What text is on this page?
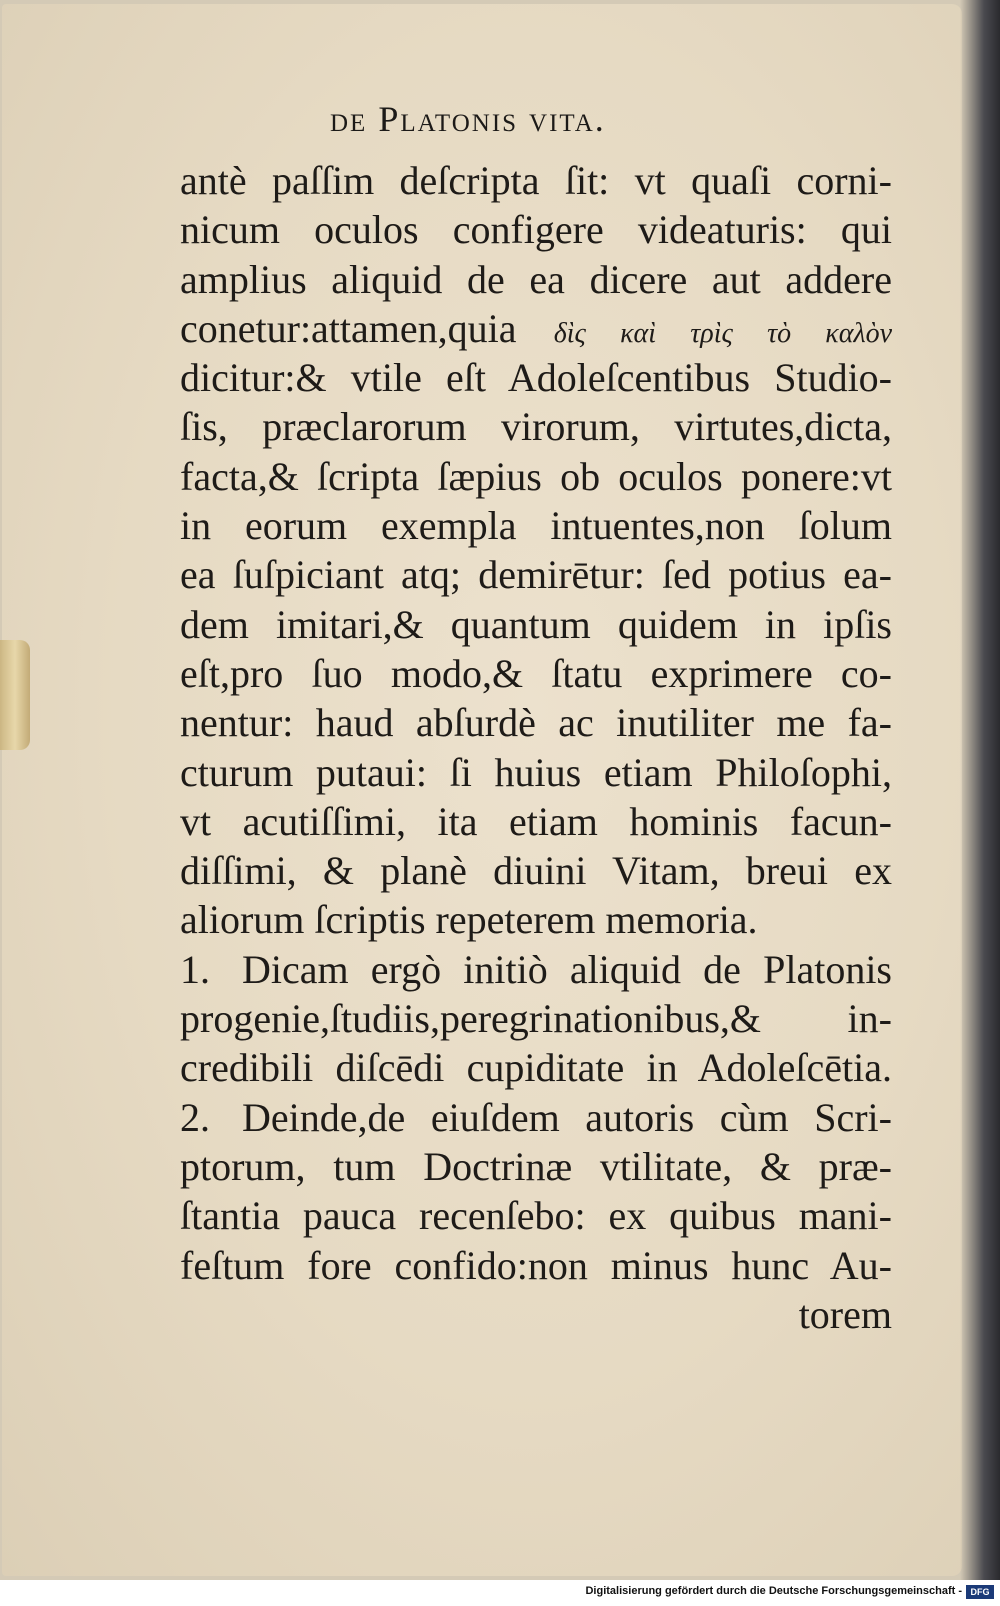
de Platonis vita.
antè paſſim deſcripta ſit: vt quaſi corni-
nicum oculos configere videaturis: qui
amplius aliquid de ea dicere aut addere
conetur:attamen,quia δὶς καὶ τρὶς τὸ καλὸν
dicitur:& vtile eſt Adoleſcentibus Studio-
ſis, præclarorum virorum, virtutes,dicta,
facta,& ſcripta ſæpius ob oculos ponere:vt
in eorum exempla intuentes,non ſolum
ea ſuſpiciant atq; demirētur: ſed potius ea-
dem imitari,& quantum quidem in ipſis
eſt,pro ſuo modo,& ſtatu exprimere co-
nentur: haud abſurdè ac inutiliter me fa-
cturum putaui: ſi huius etiam Philoſophi,
vt acutiſſimi, ita etiam hominis facun-
diſſimi, & planè diuini Vitam, breui ex
aliorum ſcriptis repeterem memoria.
1. Dicam ergò initiò aliquid de Platonis
progenie,ſtudiis,peregrinationibus,& in-
credibili diſcēdi cupiditate in Adoleſcētia.
2. Deinde,de eiuſdem autoris cùm Scri-
ptorum, tum Doctrinæ vtilitate, & præ-
ſtantia pauca recenſebo: ex quibus mani-
feſtum fore confido:non minus hunc Au-
torem
Digitalisierung gefördert durch die Deutsche Forschungsgemeinschaft - DFG
